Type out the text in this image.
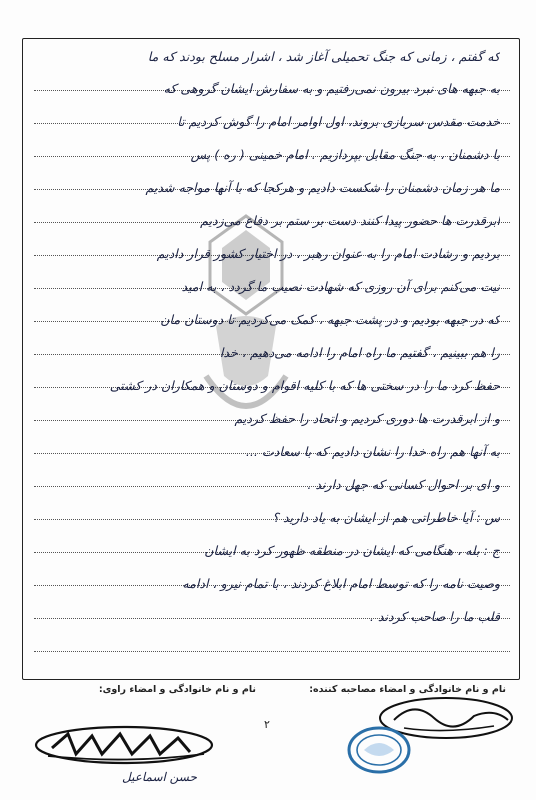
که گفتم ، زمانی که جنگ تحمیلی آغاز شد ، اشرار مسلح بودند که ما
به جبهه های نبرد بیرون نمی‌رفتیم و به سفارش ایشان گروهی که
خدمت مقدس سربازی بروند، اول اوامر امام را گوش کردیم تا
با دشمنان ، به جنگ مقابل بپردازیم . امام خمینی ( ره ) پس
ما هر زمان دشمنان را شکست دادیم و هرکجا که با آنها مواجه شدیم
ابرقدرت ها حضور پیدا کنند دست بر ستم بر دفاع می‌زدیم
بردیم و رشادت امام را به عنوان رهبر ، در اختیار کشور قرار دادیم
نیت می‌کنم برای آن روزی که شهادت نصیب ما گردد ، به امید
که در جبهه بودیم و در پشت جبهه ، کمک می‌کردیم تا دوستان مان
را هم ببینیم ، گفتیم ما راه امام را ادامه می‌دهیم ، خدا
حفظ کرد ما را در سختی ها که با کلیه اقوام و دوستان و همکاران در کشتی
و از ابرقدرت ها دوری کردیم و اتحاد را حفظ کردیم
به آنها هم راه خدا را نشان دادیم که با سعادت ...
و ای بر احوال کسانی که جهل دارند .
س : آیا خاطراتی هم از ایشان به یاد دارید ؟
ج : بله ، هنگامی که ایشان در منطقه ظهور کرد به ایشان
وصیت نامه را که توسط امام ابلاغ کردند ، با تمام نیرو ، ادامه
قلب ما را صاحب کردند .
نام و نام خانوادگی و امضاء مصاحبه کننده:
نام و نام خانوادگی و امضاء راوی:
۲
حسن اسماعیل
